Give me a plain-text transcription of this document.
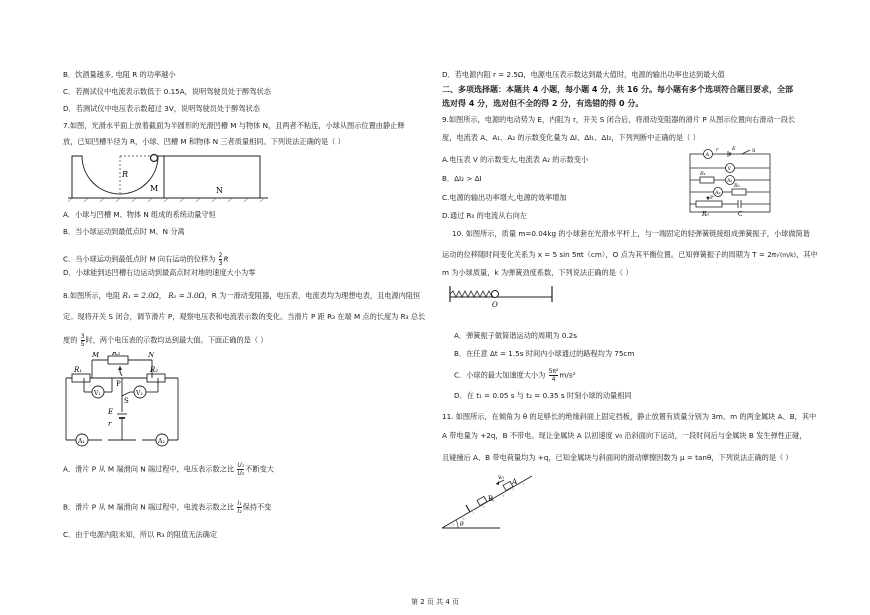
B．饮酒量越多, 电阻 R 的功率越小
C．若测试仪中电流表示数低于 0.15A，说明驾驶员处于醉驾状态
D．若测试仪中电压表示数超过 3V，说明驾驶员处于醉驾状态
7.如图，光滑水平面上放着截面为半圆形的光滑凹槽 M 与物体 N，且两者不粘连，小球从图示位置由静止释
放，已知凹槽半径为 R，小球、凹槽 M 和物体 N 三者质量相同。下列说法正确的是（ ）
R
M	N
A．小球与凹槽 M、物体 N 组成的系统动量守恒
B．当小球运动到最低点时 M、N 分离
C．当小球运动到最低点时 M 向右运动的位移为 $\frac{2}{3}$ R
D．小球能到达凹槽右边运动到最高点时对地的速度大小为零
8.如图所示，电阻 R₁ = 2.0Ω， R₂ = 3.0Ω，R 为一滑动变阻器，电压表、电流表均为理想电表，且电源内阻恒
定。现将开关 S 闭合，调节滑片 P，观察电压表和电流表示数的变化。当滑片 P 距 R₃ 在端 M 点的长度为 R₃ 总长
度的 $\frac{3}{5}$ 时，两个电压表的示数均达到最大值。下面正确的是（ ）
M R₃	N
R₁	R₂
V₁	V₂
P
S
E
r
A₁	A₂
A．滑片 P 从 M 端滑向 N 端过程中，电压表示数之比 $\frac{\text{U₁}}{\text{U₂}}$ 不断变大
B．滑片 P 从 M 端滑向 N 端过程中，电流表示数之比 $\frac{\text{I₁}}{\text{I₂}}$ 保持不变
C．由于电源内阻未知，所以 R₃ 的阻值无法确定
D．若电源内阻 r = 2.5Ω，电源电压表示数达到最大值时，电源的输出功率也达到最大值
二、多项选择题：本题共 4 小题，每小题 4 分，共 16 分。每小题有多个选项符合题目要求，全部
选对得 4 分，选对但不全的得 2 分，有选错的得 0 分。
9.如图所示，电源的电动势为 E，内阻为 r，开关 S 闭合后，将滑动变阻器的滑片 P 从图示位置向右滑动一段长
度，电流表 A、A₁、A₂ 的示数变化量为 ΔI、ΔI₁、ΔI₂，下列判断中正确的是（ ）
A.电压表 V 的示数变大,电流表 A₂ 的示数变小
B．ΔI₂ > ΔI
C.电源的输出功率增大,电源的效率增加
D.通过 R₀ 的电流从右向左
A
V
R₁
A₁
A₂
R₂
r	E	S
P
R₀	C
10. 如图所示，质量 m=0.04kg 的小球套在光滑水平杆上，与一端固定的轻弹簧链接组成弹簧振子，小球做简谐
运动的位移随时间变化关系为 x = 5 sin 5πt（cm），O 点为其平衡位置。已知弹簧振子的周期为 T = 2π√(m/k)，其中
m 为小球质量，k 为弹簧劲度系数，下列说法正确的是（ ）
O
A．弹簧振子做简谐运动的周期为 0.2s
B．在任意 Δt = 1.5s 时间内小球通过的路程均为 75cm
C．小球的最大加速度大小为 $\frac{\text{5π²}}{4} m/s^2$
D．在 t₁ = 0.05 s 与 t₂ = 0.35 s 时刻小球的动量相同
11. 如图所示，在倾角为 θ 的足够长的绝缘斜面上固定挡板，静止放置有质量分别为 3m、m 的两金属块 A、B，其中
A 带电量为 +2q，B 不带电。现让金属块 A 以初速度 v₀ 沿斜面向下运动，一段时间后与金属块 B 发生弹性正碰，
且碰撞后 A、B 带电荷量均为 +q，已知金属块与斜面间的滑动摩擦因数为 μ = tanθ，下列说法正确的是（ ）
θ
B
A
v₀
第 2 页 共 4 页
